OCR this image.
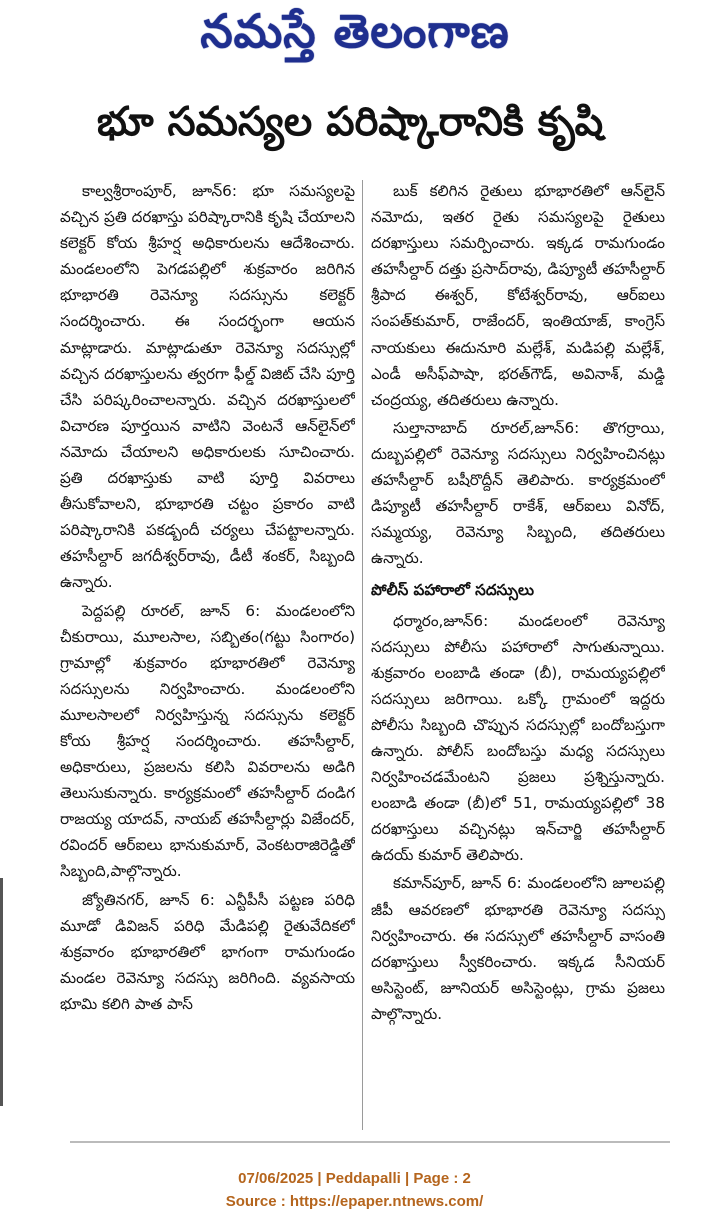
నమస్తే తెలంగాణ
భూ సమస్యల పరిష్కారానికి కృషి

కాల్వశ్రీరాంపూర్, జూన్6: భూ సమస్యలపై వచ్చిన ప్రతి దరఖాస్తు పరిష్కారానికి కృషి చేయాలని కలెక్టర్ కోయ శ్రీహర్ష అధికారులను ఆదేశించారు. మండలంలోని పెగడపల్లిలో శుక్రవారం జరిగిన భూభారతి రెవెన్యూ సదస్సును కలెక్టర్ సందర్శించారు. ఈ సందర్భంగా ఆయన మాట్లాడారు. మాట్లాడుతూ రెవెన్యూ సదస్సుల్లో వచ్చిన దరఖాస్తులను త్వరగా ఫీల్డ్ విజిట్ చేసి పూర్తి చేసి పరిష్కరించాలన్నారు. వచ్చిన దరఖాస్తులలో విచారణ పూర్తయిన వాటిని వెంటనే ఆన్‌లైన్‌లో నమోదు చేయాలని అధికారులకు సూచించారు. ప్రతి దరఖాస్తుకు వాటి పూర్తి వివరాలు తీసుకోవాలని, భూభారతి చట్టం ప్రకారం వాటి పరిష్కారానికి పకడ్బందీ చర్యలు చేపట్టాలన్నారు. తహసీల్దార్ జగదీశ్వర్‌రావు, డీటీ శంకర్, సిబ్బంది ఉన్నారు.

పెద్దపల్లి రూరల్, జూన్ 6: మండలంలోని చీకురాయి, మూలసాల, సబ్బితం(గట్టు సింగారం) గ్రామాల్లో శుక్రవారం భూభారతిలో రెవెన్యూ సదస్సులను నిర్వహించారు. మండలంలోని మూలసాలలో నిర్వహిస్తున్న సదస్సును కలెక్టర్ కోయ శ్రీహర్ష సందర్శించారు. తహసీల్దార్, అధికారులు, ప్రజలను కలిసి వివరాలను అడిగి తెలుసుకున్నారు. కార్యక్రమంలో తహసీల్దార్ దండిగ రాజయ్య యాదవ్, నాయబ్ తహసీల్దార్లు విజేందర్, రవిందర్ ఆర్ఐలు భానుకుమార్, వెంకటరాజిరెడ్డితో సిబ్బంది,పాల్గొన్నారు.

జ్యోతినగర్, జూన్ 6: ఎన్టీపీసీ పట్టణ పరిధి మూడో డివిజన్ పరిధి మేడిపల్లి రైతువేదికలో శుక్రవారం భూభారతిలో భాగంగా రామగుండం మండల రెవెన్యూ సదస్సు జరిగింది. వ్యవసాయ భూమి కలిగి పాత పాస్

బుక్ కలిగిన రైతులు భూభారతిలో ఆన్‌లైన్ నమోదు, ఇతర రైతు సమస్యలపై రైతులు దరఖాస్తులు సమర్పించారు. ఇక్కడ రామగుండం తహసీల్దార్ దత్తు ప్రసాద్‌రావు, డిప్యూటీ తహసీల్దార్ శ్రీపాద ఈశ్వర్, కోటేశ్వర్‌రావు, ఆర్ఐలు సంపత్‌కుమార్, రాజేందర్, ఇంతియాజ్, కాంగ్రెస్ నాయకులు ఈదునూరి మల్లేశ్, మడిపల్లి మల్లేశ్, ఎండీ అసీఫ్‌పాషా, భరత్‌గౌడ్, అవినాశ్, మడ్డి చంద్రయ్య, తదితరులు ఉన్నారు.

సుల్తానాబాద్ రూరల్,జూన్6: తొగర్రాయి, దుబ్బపల్లిలో రెవెన్యూ సదస్సులు నిర్వహించినట్లు తహసీల్దార్ బషీరొద్దీన్ తెలిపారు. కార్యక్రమంలో డిప్యూటీ తహసీల్దార్ రాకేశ్, ఆర్ఐలు వినోద్, సమ్మయ్య, రెవెన్యూ సిబ్బంది, తదితరులు ఉన్నారు.

పోలీస్ పహారాలో సదస్సులు

ధర్మారం,జూన్6: మండలంలో రెవెన్యూ సదస్సులు పోలీసు పహారాలో సాగుతున్నాయి. శుక్రవారం లంబాడి తండా (బీ), రామయ్యపల్లిలో సదస్సులు జరిగాయి. ఒక్కో గ్రామంలో ఇద్దరు పోలీసు సిబ్బంది చొప్పున సదస్సుల్లో బందోబస్తుగా ఉన్నారు. పోలీస్ బందోబస్తు మధ్య సదస్సులు నిర్వహించడమేంటని ప్రజలు ప్రశ్నిస్తున్నారు. లంబాడి తండా (బీ)లో 51, రామయ్యపల్లిలో 38 దరఖాస్తులు వచ్చినట్లు ఇన్‌చార్జి తహసీల్దార్ ఉదయ్ కుమార్ తెలిపారు.

కమాన్‌పూర్, జూన్ 6: మండలంలోని జూలపల్లి జీపీ ఆవరణలో భూభారతి రెవెన్యూ సదస్సు నిర్వహించారు. ఈ సదస్సులో తహసీల్దార్ వాసంతి దరఖాస్తులు స్వీకరించారు. ఇక్కడ సీనియర్ అసిస్టెంట్, జూనియర్ అసిస్టెంట్లు, గ్రామ ప్రజలు పాల్గొన్నారు.

07/06/2025 | Peddapalli | Page : 2
Source : https://epaper.ntnews.com/
